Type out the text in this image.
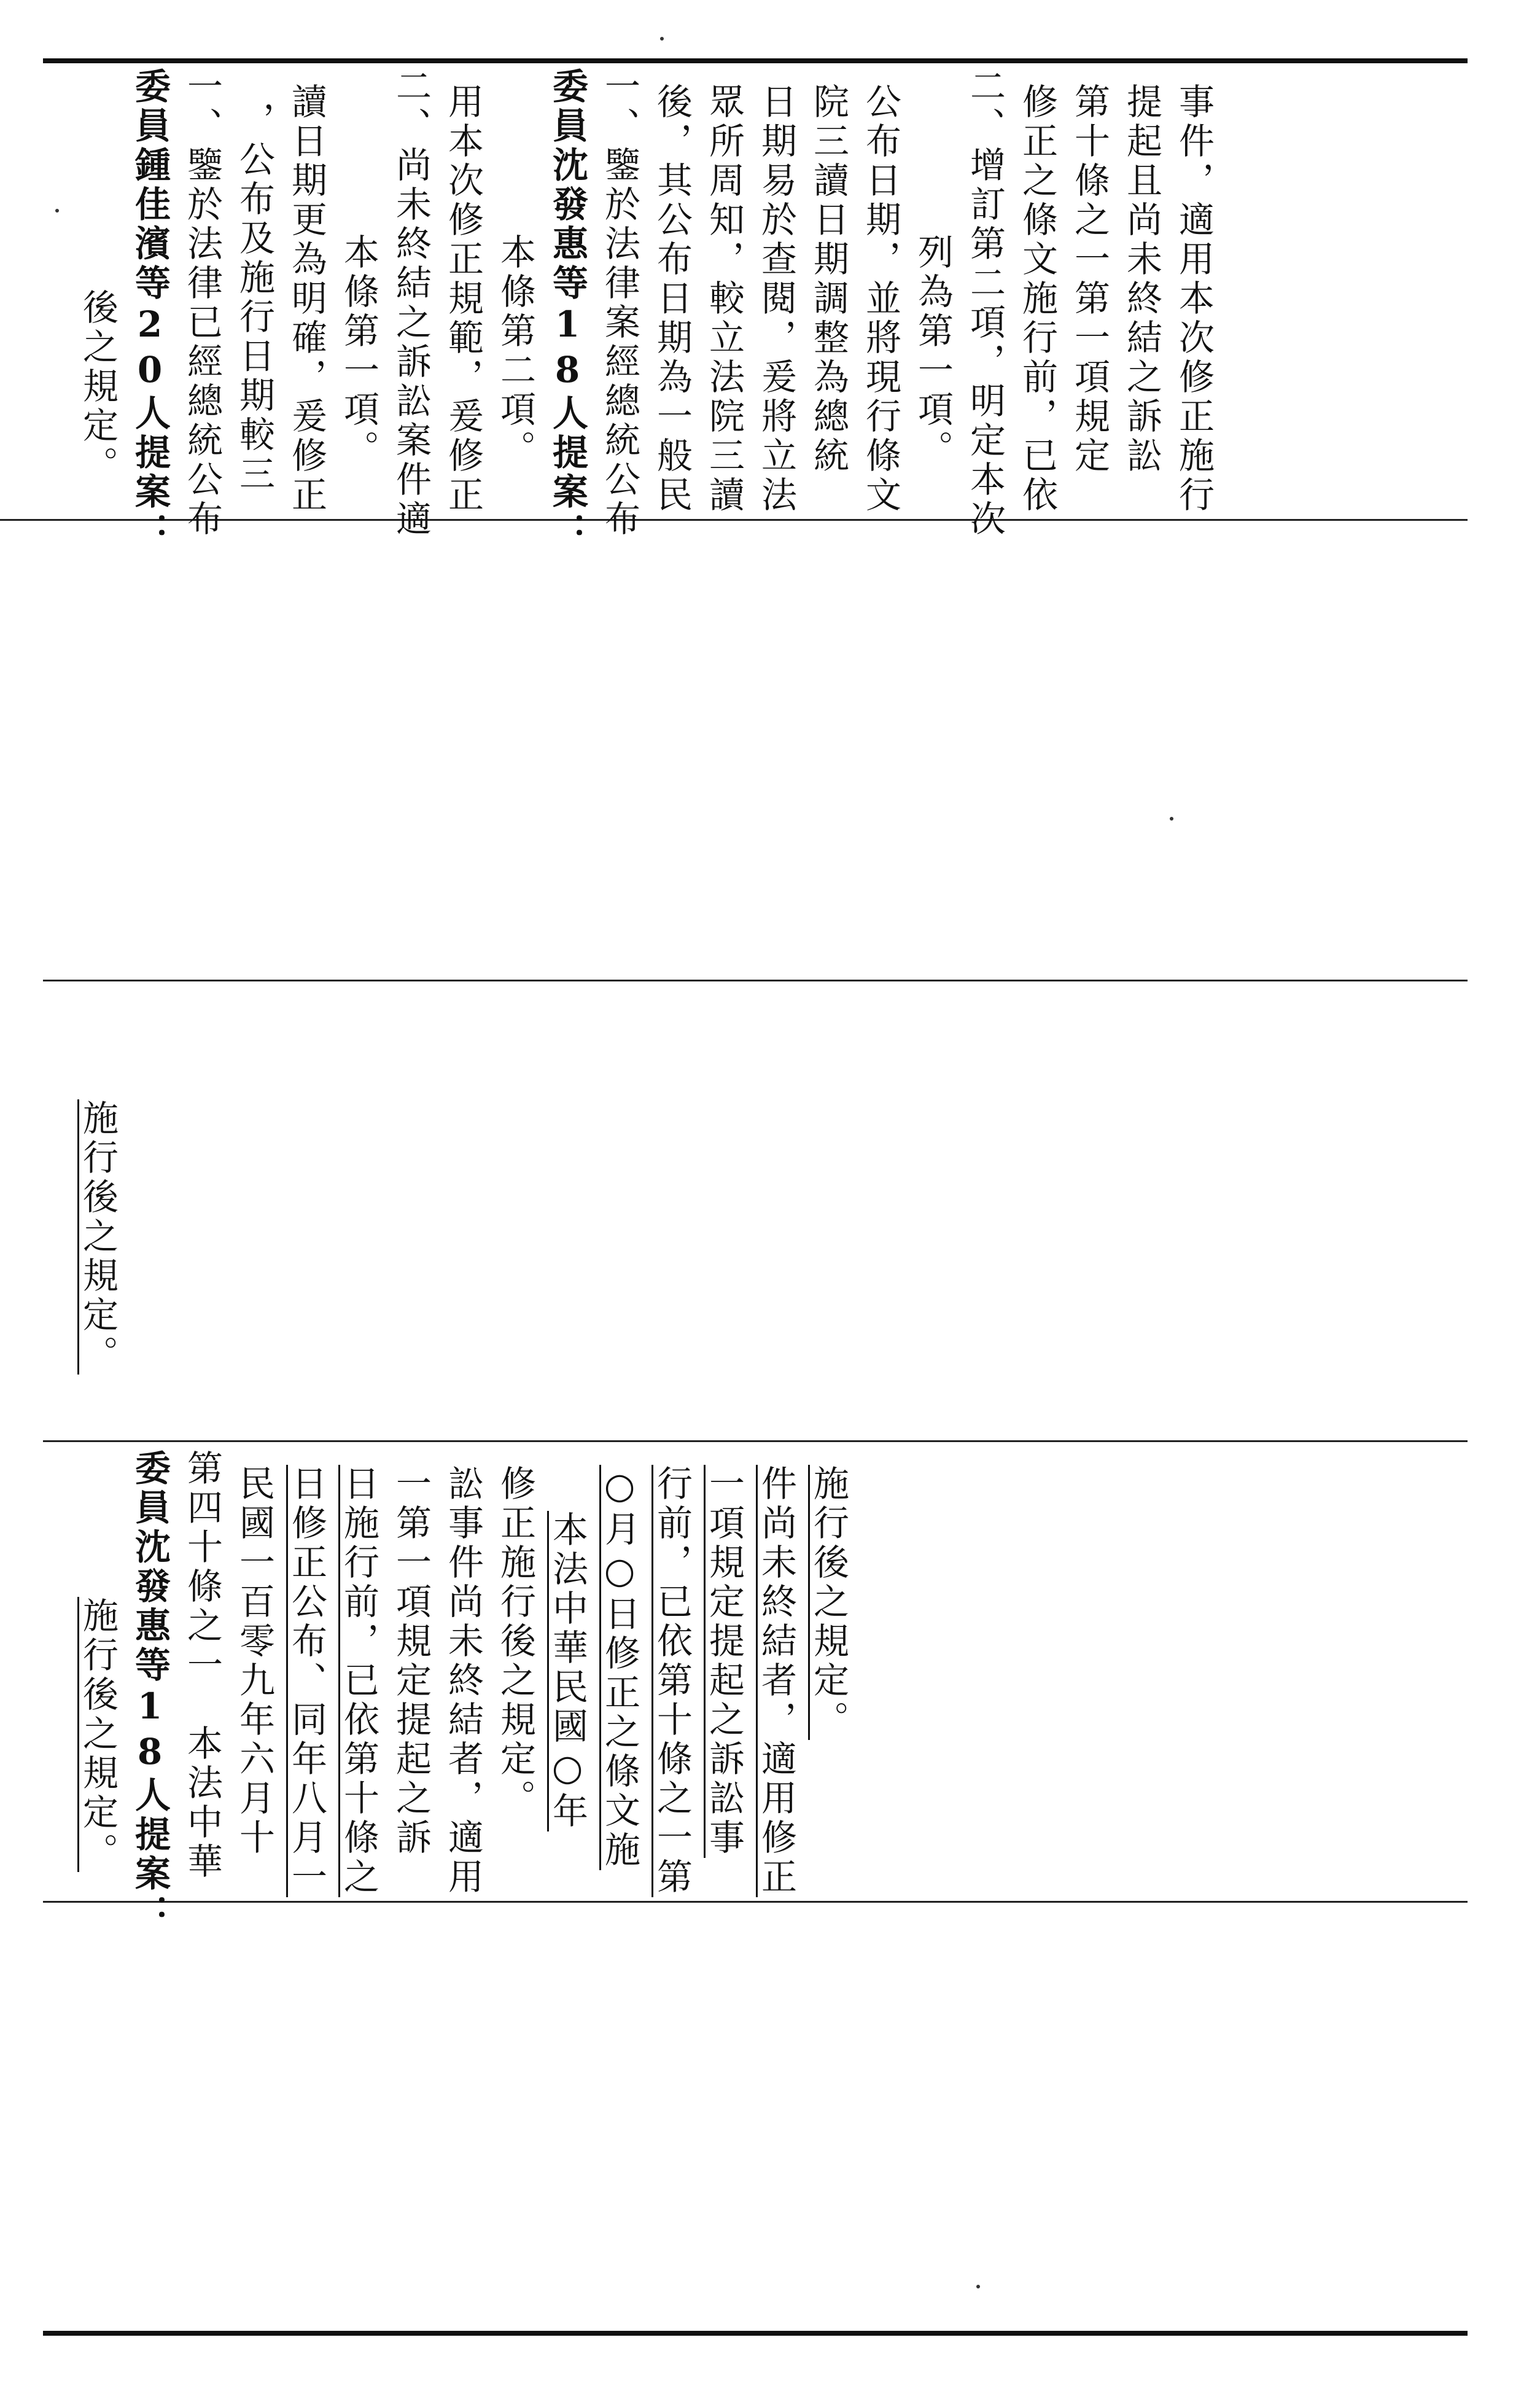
後之規定。 委員鍾佳濱等20人提案： 一、鑒於法律已經總統公布 ，公布及施行日期較三 讀日期更為明確，爰修正 本條第一項。 二、尚未終結之訴訟案件適 用本次修正規範，爰修正 本條第二項。 委員沈發惠等18人提案： 一、鑒於法律案經總統公布 後，其公布日期為一般民 眾所周知，較立法院三讀 日期易於查閱，爰將立法 院三讀日期調整為總統 公布日期，並將現行條文 列為第一項。 二、增訂第二項，明定本次 修正之條文施行前，已依 第十條之一第一項規定 提起且尚未終結之訴訟 事件，適用本次修正施行
施行後之規定。
施行後之規定。 委員沈發惠等18人提案： 第四十條之一　本法中華 民國一百零九年六月十 日修正公布、同年八月一 日施行前，已依第十條之 一第一項規定提起之訴 訟事件尚未終結者，適用 修正施行後之規定。 本法中華民國○年 ○月○日修正之條文施 行前，已依第十條之一第 一項規定提起之訴訟事 件尚未終結者，適用修正 施行後之規定。
